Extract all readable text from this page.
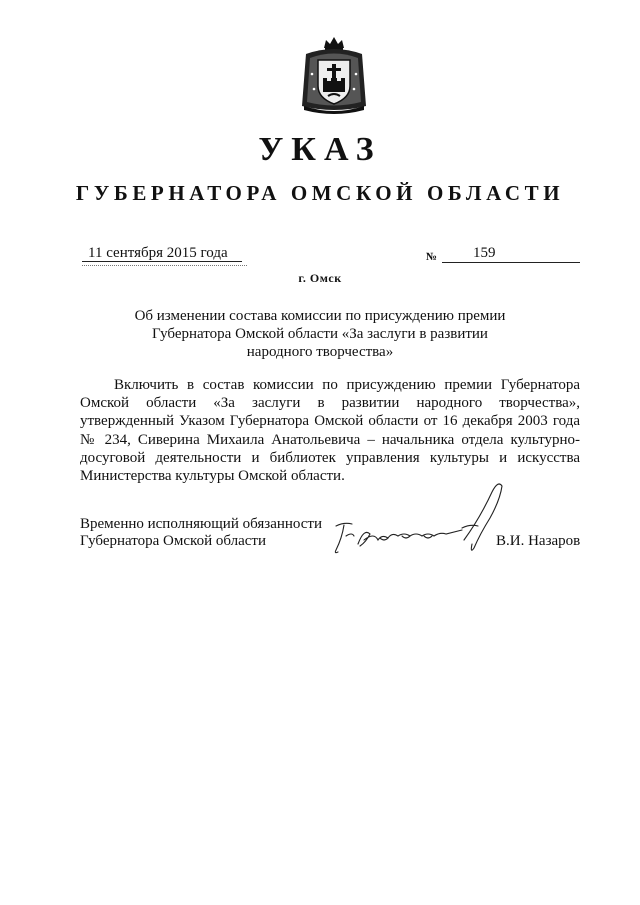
УКАЗ
ГУБЕРНАТОРА ОМСКОЙ ОБЛАСТИ
11 сентября 2015 года	№ 159
г. Омск
Об изменении состава комиссии по присуждению премии
Губернатора Омской области «За заслуги в развитии
народного творчества»
Включить в состав комиссии по присуждению премии Губернатора Омской области «За заслуги в развитии народного творчества», утвержденный Указом Губернатора Омской области от 16 декабря 2003 года № 234, Сиверина Михаила Анатольевича – начальника отдела культурно-досуговой деятельности и библиотек управления культуры и искусства Министерства культуры Омской области.
Временно исполняющий обязанности
Губернатора Омской области	В.И. Назаров
